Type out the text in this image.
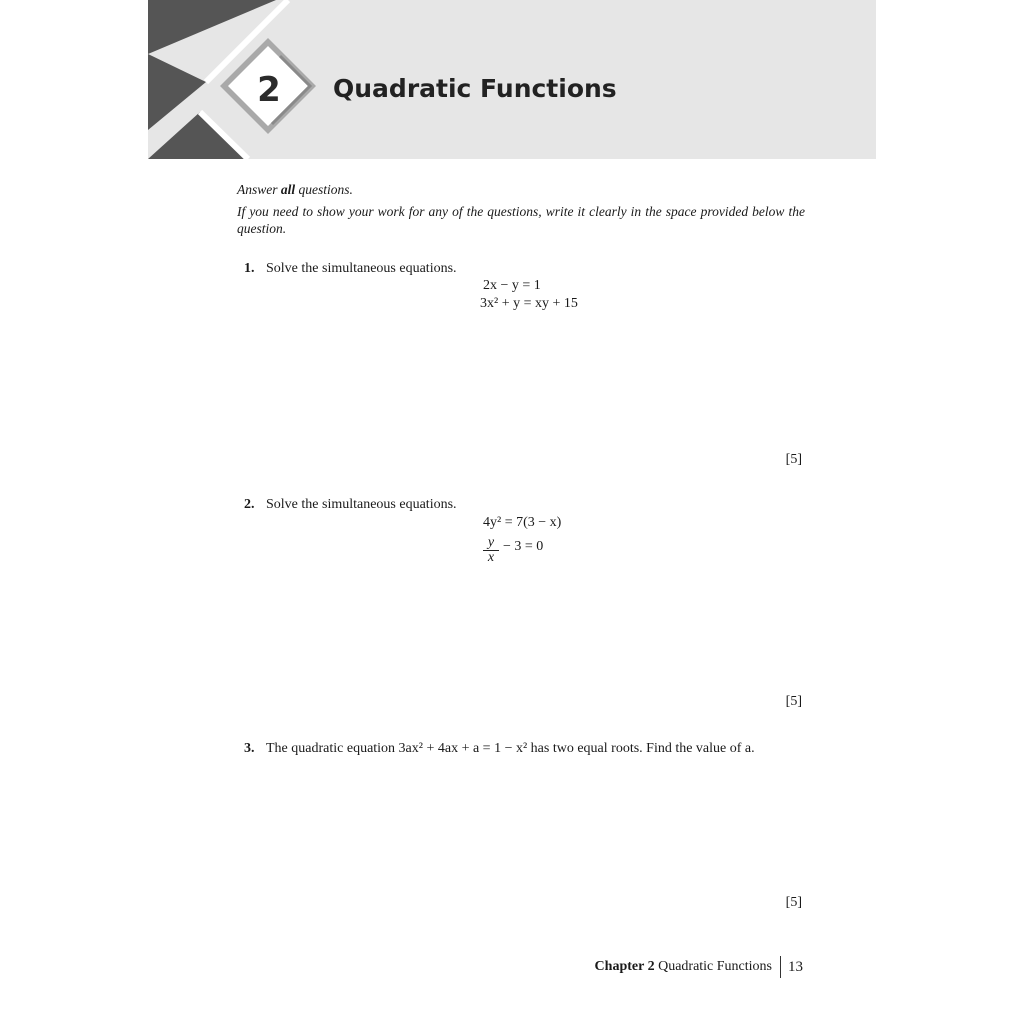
2 Quadratic Functions
Answer all questions.
If you need to show your work for any of the questions, write it clearly in the space provided below the question.
1. Solve the simultaneous equations.
2x − y = 1
3x² + y = xy + 15
[5]
2. Solve the simultaneous equations.
4y² = 7(3 − x)
$\frac{y}{x} - 3 = 0$
[5]
3. The quadratic equation 3ax² + 4ax + a = 1 − x² has two equal roots. Find the value of a.
[5]
Chapter 2
Quadratic Functions 13
